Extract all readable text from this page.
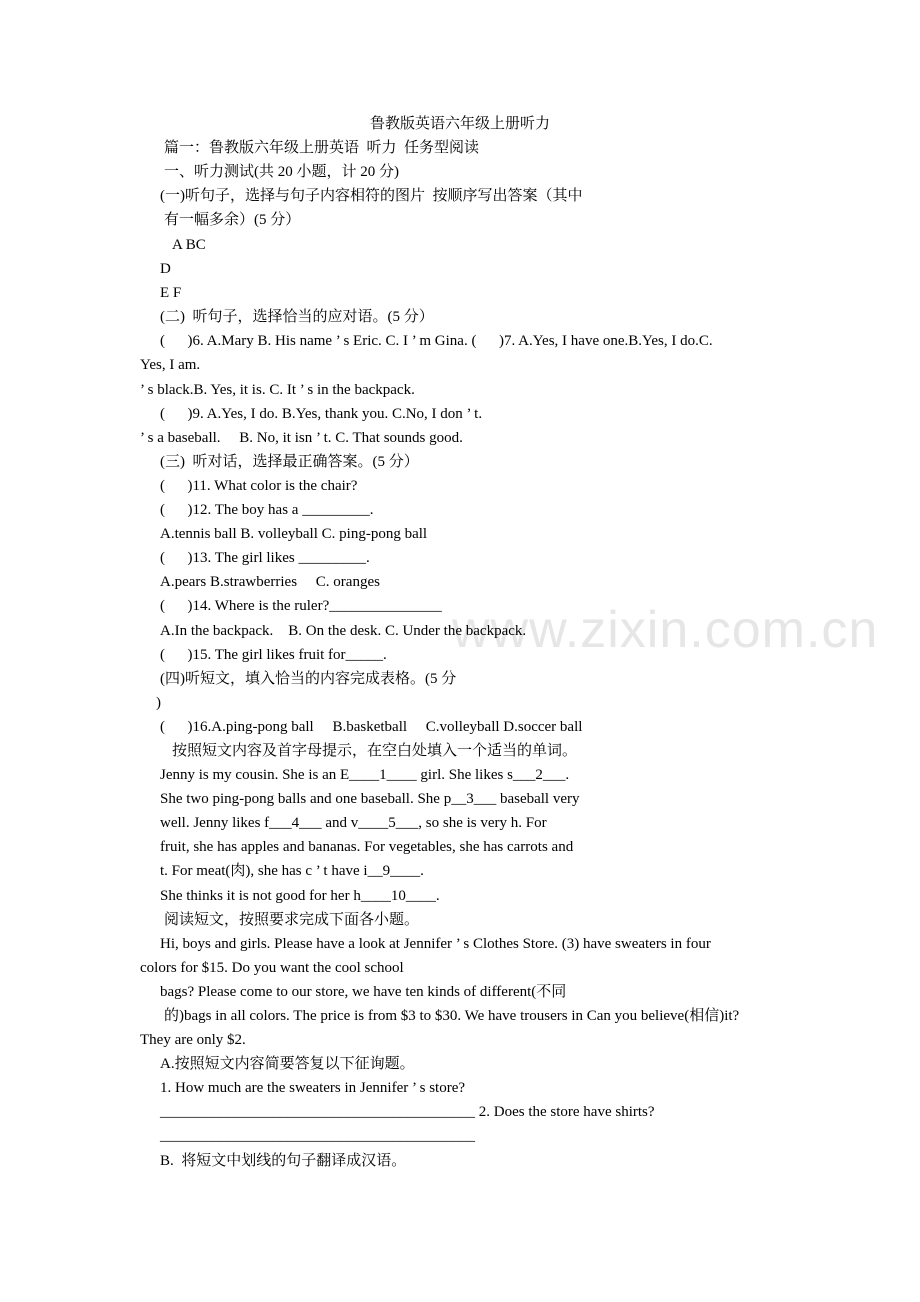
www.zixin.com.cn
鲁教版英语六年级上册听力
篇一：鲁教版六年级上册英语  听力  任务型阅读
一、听力测试(共 20 小题，计 20 分)
(一)听句子，选择与句子内容相符的图片  按顺序写出答案（其中
有一幅多余）(5 分）
A BC
D
E F
(二)  听句子，选择恰当的应对语。(5 分）
(      )6. A.Mary B. His name ’ s Eric. C. I ’ m Gina. (      )7. A.Yes, I have one.B.Yes, I do.C.
Yes, I am.
’ s black.B. Yes, it is. C. It ’ s in the backpack.
(      )9. A.Yes, I do. B.Yes, thank you. C.No, I don ’ t.
’ s a baseball.     B. No, it isn ’ t. C. That sounds good.
(三)  听对话，选择最正确答案。(5 分）
(      )11. What color is the chair?
(      )12. The boy has a _________.
A.tennis ball B. volleyball C. ping-pong ball
(      )13. The girl likes _________.
A.pears B.strawberries     C. oranges
(      )14. Where is the ruler?_______________
A.In the backpack.    B. On the desk. C. Under the backpack.
(      )15. The girl likes fruit for_____.
(四)听短文，填入恰当的内容完成表格。(5 分
)
(      )16.A.ping-pong ball     B.basketball     C.volleyball D.soccer ball
按照短文内容及首字母提示，在空白处填入一个适当的单词。
Jenny is my cousin. She is an E____1____ girl. She likes s___2___.
She two ping-pong balls and one baseball. She p__3___ baseball very
well. Jenny likes f___4___ and v____5___, so she is very h. For
fruit, she has apples and bananas. For vegetables, she has carrots and
t. For meat(肉), she has c ’ t have i__9____.
She thinks it is not good for her h____10____.
阅读短文，按照要求完成下面各小题。
Hi, boys and girls. Please have a look at Jennifer ’ s Clothes Store. (3) have sweaters in four
colors for $15. Do you want the cool school
bags? Please come to our store, we have ten kinds of different(不同
的)bags in all colors. The price is from $3 to $30. We have trousers in Can you believe(相信)it?
They are only $2.
A.按照短文内容简要答复以下征询题。
1. How much are the sweaters in Jennifer ’ s store?
__________________________________________ 2. Does the store have shirts?
__________________________________________
B.  将短文中划线的句子翻译成汉语。
